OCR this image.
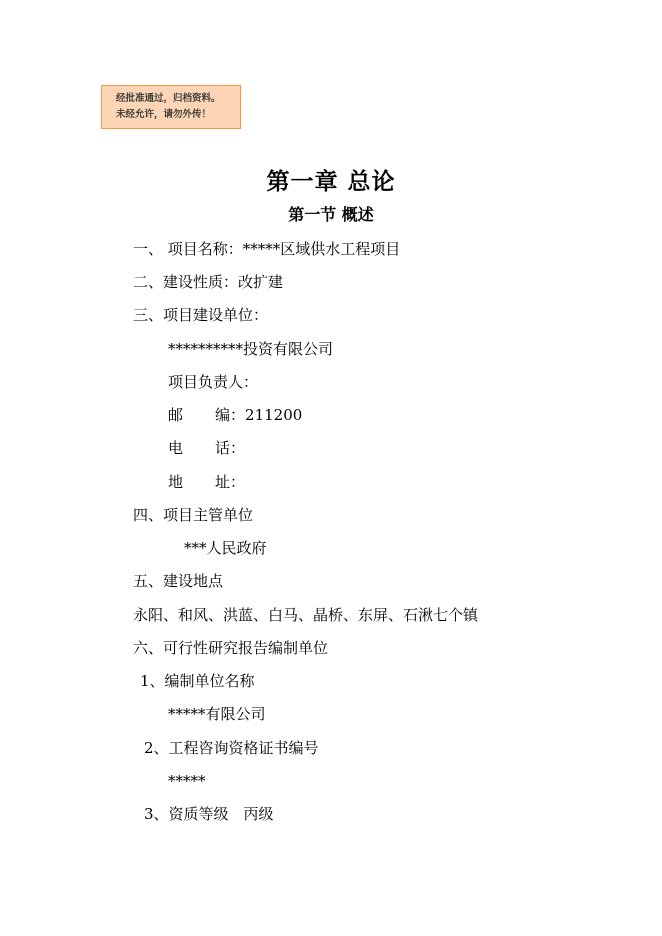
经批准通过，归档资料。
未经允许，请勿外传！
第一章 总论
第一节 概述
一、 项目名称：*****区域供水工程项目
二、建设性质：改扩建
三、项目建设单位：
**********投资有限公司
项目负责人：
邮 编：211200
电 话：
地 址：
四、项目主管单位
***人民政府
五、建设地点
永阳、和风、洪蓝、白马、晶桥、东屏、石湫七个镇
六、可行性研究报告编制单位
1、编制单位名称
*****有限公司
2、工程咨询资格证书编号
*****
3、资质等级 丙级
